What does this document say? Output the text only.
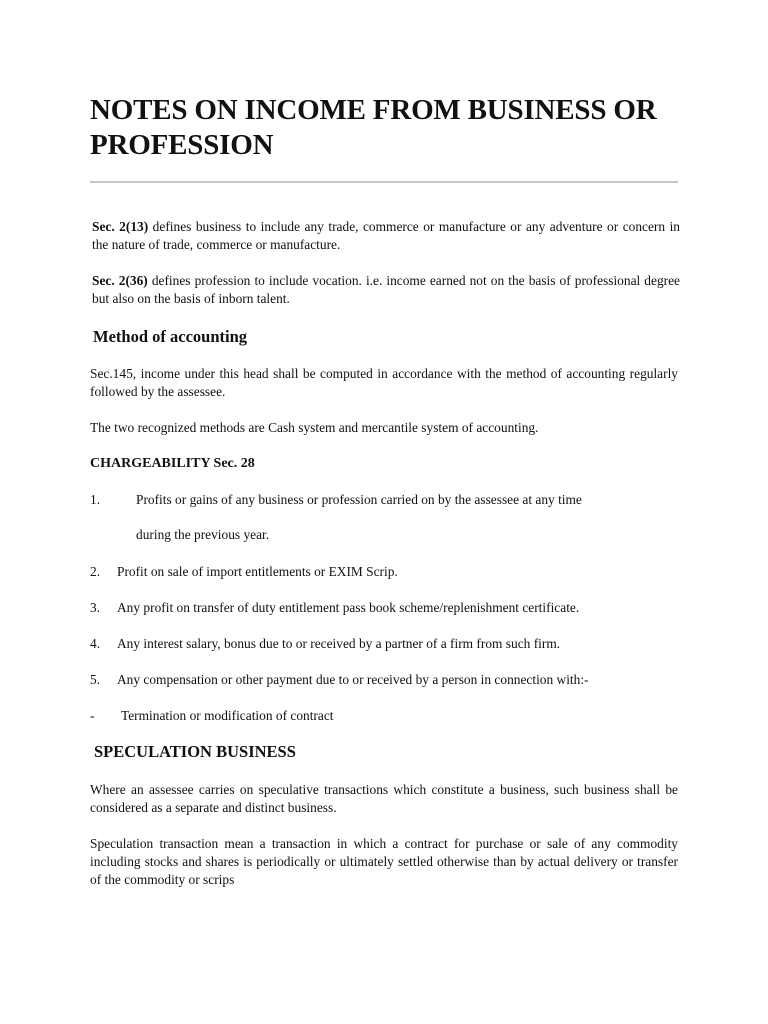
NOTES ON INCOME FROM BUSINESS OR PROFESSION

Sec. 2(13) defines business to include any trade, commerce or manufacture or any adventure or concern in the nature of trade, commerce or manufacture.

Sec. 2(36) defines profession to include vocation. i.e. income earned not on the basis of professional degree but also on the basis of inborn talent.

Method of accounting

Sec.145, income under this head shall be computed in accordance with the method of accounting regularly followed by the assessee.

The two recognized methods are Cash system and mercantile system of accounting.

CHARGEABILITY Sec. 28
1.	Profits or gains of any business or profession carried on by the assessee at any time
during the previous year.
2. Profit on sale of import entitlements or EXIM Scrip.
3. Any profit on transfer of duty entitlement pass book scheme/replenishment certificate.
4. Any interest salary, bonus due to or received by a partner of a firm from such firm.
5. Any compensation or other payment due to or received by a person in connection with:-
- Termination or modification of contract
SPECULATION BUSINESS

Where an assessee carries on speculative transactions which constitute a business, such business shall be considered as a separate and distinct business.

Speculation transaction mean a transaction in which a contract for purchase or sale of any commodity including stocks and shares is periodically or ultimately settled otherwise than by actual delivery or transfer of the commodity or scrips
